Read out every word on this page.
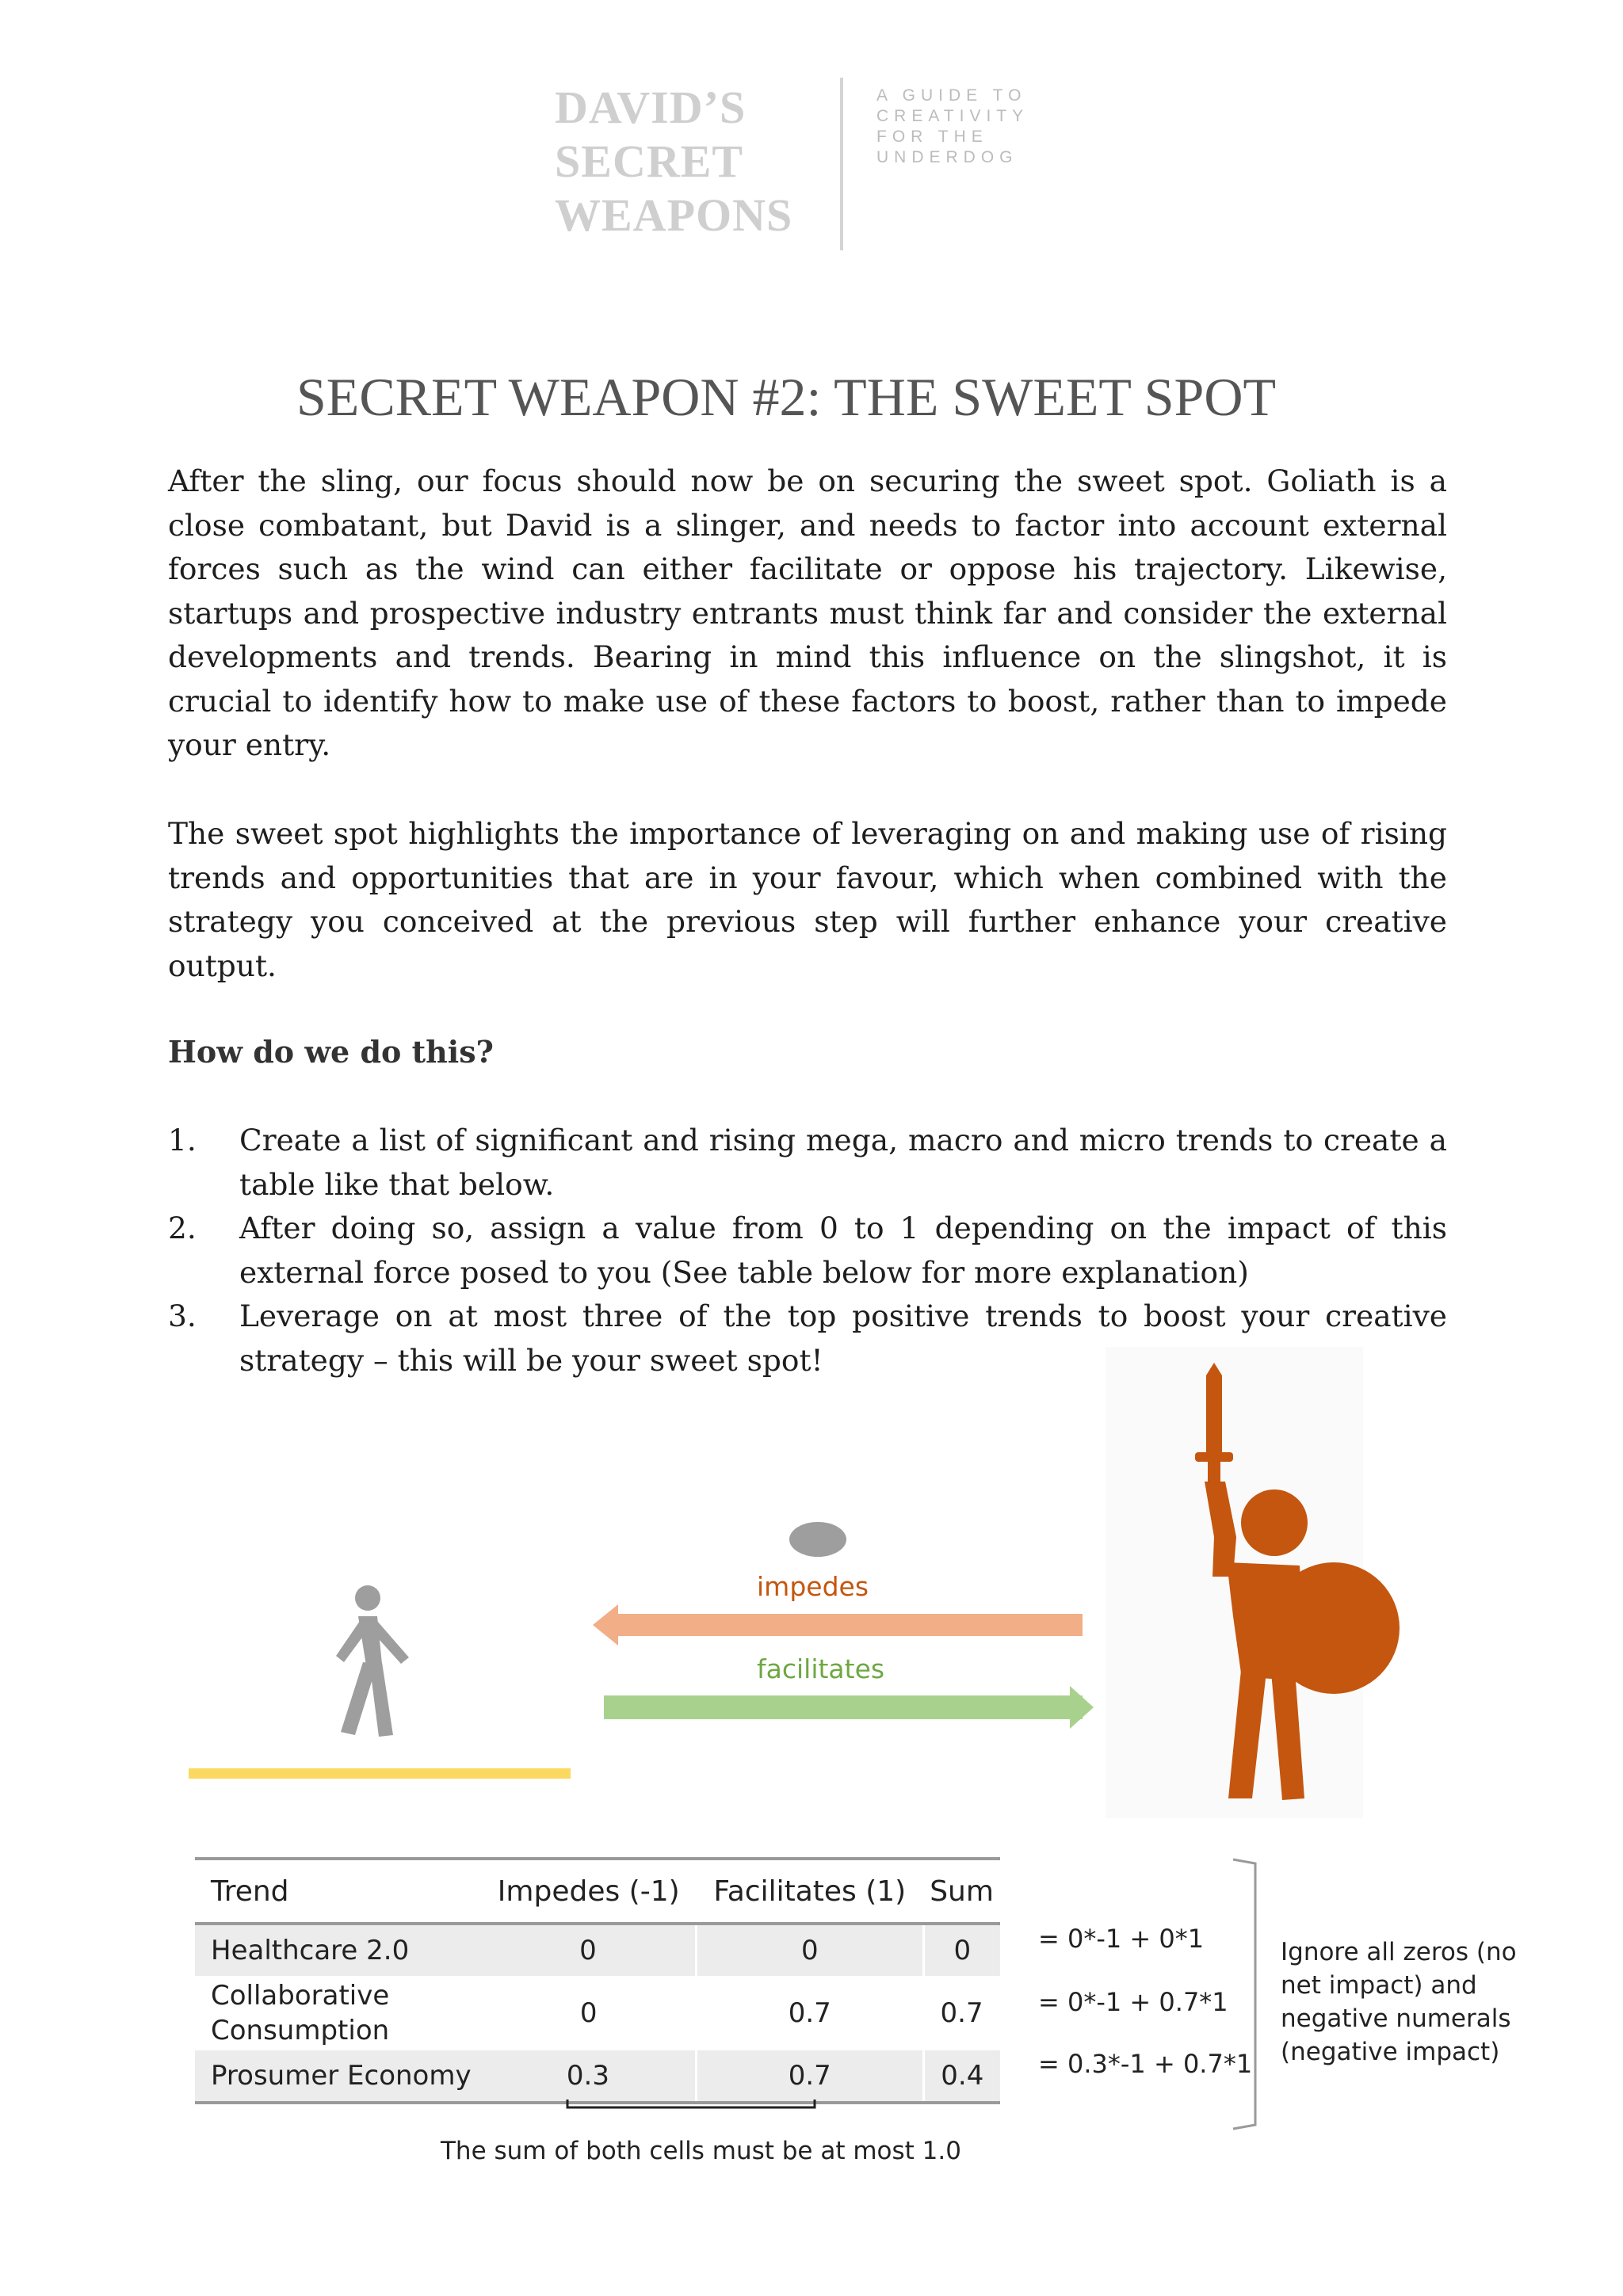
DAVID’S
SECRET
WEAPONS
A GUIDE TO
CREATIVITY
FOR THE
UNDERDOG
SECRET WEAPON #2: THE SWEET SPOT

After the sling, our focus should now be on securing the sweet spot. Goliath is a close combatant, but David is a slinger, and needs to factor into account external forces such as the wind can either facilitate or oppose his trajectory. Likewise, startups and prospective industry entrants must think far and consider the external developments and trends. Bearing in mind this influence on the slingshot, it is crucial to identify how to make use of these factors to boost, rather than to impede your entry.

The sweet spot highlights the importance of leveraging on and making use of rising trends and opportunities that are in your favour, which when combined with the strategy you conceived at the previous step will further enhance your creative output.

How do we do this?

1. Create a list of significant and rising mega, macro and micro trends to create a table like that below.
2. After doing so, assign a value from 0 to 1 depending on the impact of this external force posed to you (See table below for more explanation)
3. Leverage on at most three of the top positive trends to boost your creative strategy – this will be your sweet spot!
impedes
facilitates
Trend	Impedes (-1)	Facilitates (1)	Sum
Healthcare 2.0	0	0	0
Collaborative Consumption	0	0.7	0.7
Prosumer Economy	0.3	0.7	0.4
= 0*-1 + 0*1
= 0*-1 + 0.7*1
= 0.3*-1 + 0.7*1
Ignore all zeros (no net impact) and negative numerals (negative impact)
The sum of both cells must be at most 1.0
